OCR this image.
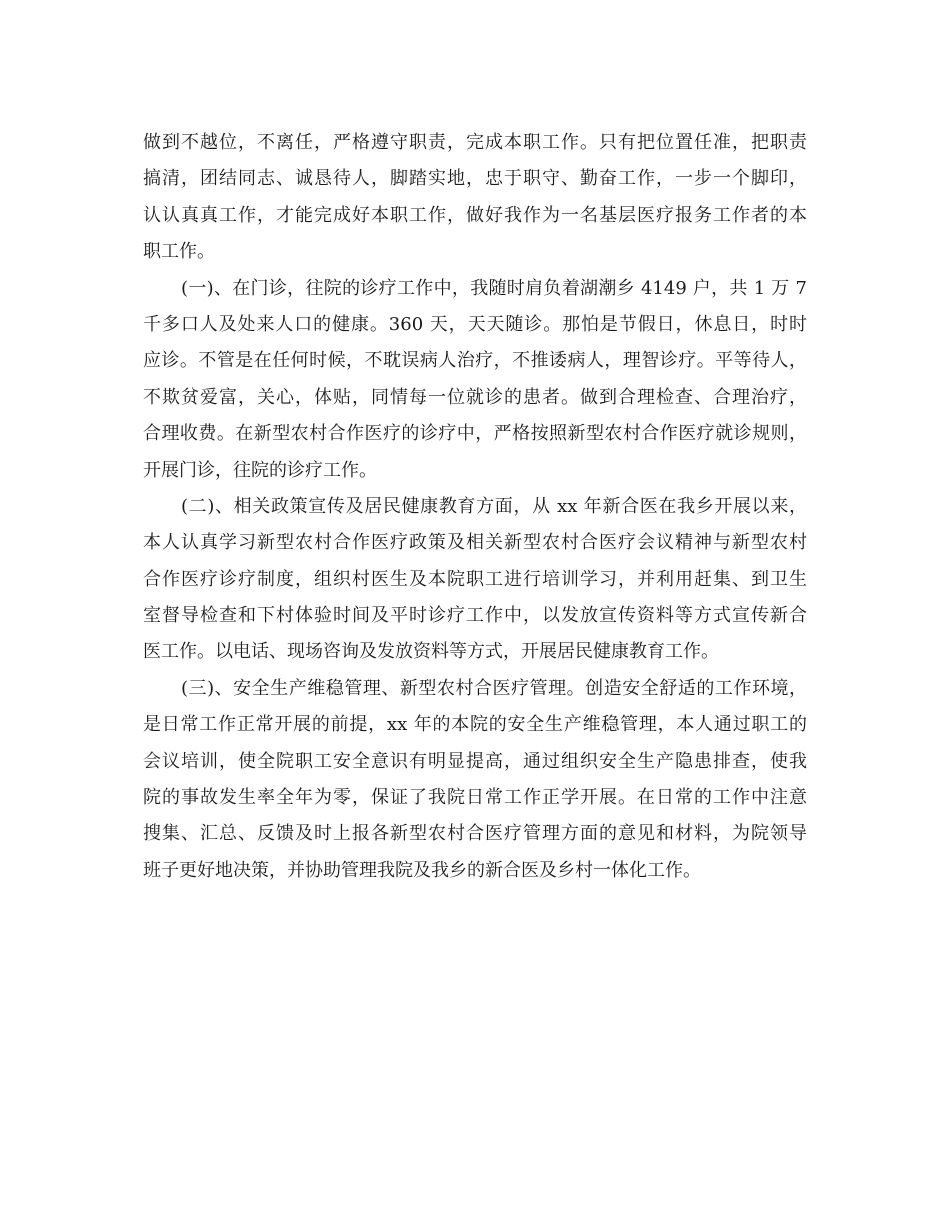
做到不越位，不离任，严格遵守职责，完成本职工作。只有把位置任准，把职责
搞清，团结同志、诚恳待人，脚踏实地，忠于职守、勤奋工作，一步一个脚印，
认认真真工作，才能完成好本职工作，做好我作为一名基层医疗报务工作者的本
职工作。
(一)、在门诊，往院的诊疗工作中，我随时肩负着湖潮乡 4149 户，共 1 万 7
千多口人及处来人口的健康。360 天，天天随诊。那怕是节假日，休息日，时时
应诊。不管是在任何时候，不耽误病人治疗，不推诿病人，理智诊疗。平等待人，
不欺贫爱富，关心，体贴，同情每一位就诊的患者。做到合理检查、合理治疗，
合理收费。在新型农村合作医疗的诊疗中，严格按照新型农村合作医疗就诊规则，
开展门诊，往院的诊疗工作。
(二)、相关政策宣传及居民健康教育方面，从 xx 年新合医在我乡开展以来，
本人认真学习新型农村合作医疗政策及相关新型农村合医疗会议精神与新型农村
合作医疗诊疗制度，组织村医生及本院职工进行培训学习，并利用赶集、到卫生
室督导检查和下村体验时间及平时诊疗工作中，以发放宣传资料等方式宣传新合
医工作。以电话、现场咨询及发放资料等方式，开展居民健康教育工作。
(三)、安全生产维稳管理、新型农村合医疗管理。创造安全舒适的工作环境，
是日常工作正常开展的前提，xx 年的本院的安全生产维稳管理，本人通过职工的
会议培训，使全院职工安全意识有明显提高，通过组织安全生产隐患排查，使我
院的事故发生率全年为零，保证了我院日常工作正学开展。在日常的工作中注意
搜集、汇总、反馈及时上报各新型农村合医疗管理方面的意见和材料，为院领导
班子更好地决策，并协助管理我院及我乡的新合医及乡村一体化工作。
